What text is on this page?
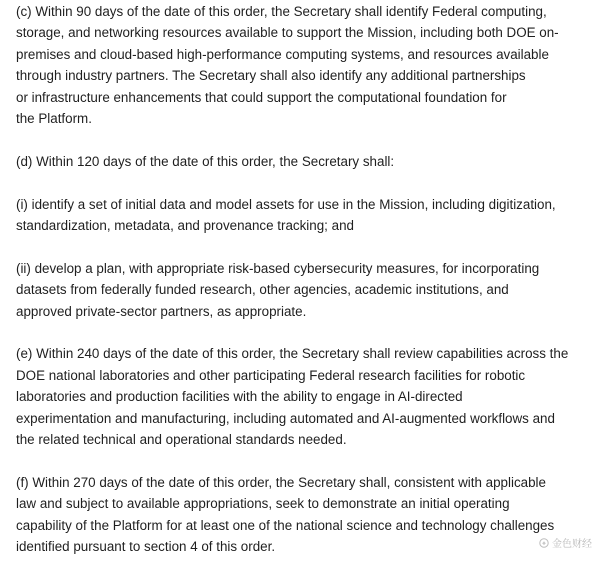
(c) Within 90 days of the date of this order, the Secretary shall identify Federal computing,
storage, and networking resources available to support the Mission, including both DOE on-
premises and cloud-based high-performance computing systems, and resources available
through industry partners. The Secretary shall also identify any additional partnerships
or infrastructure enhancements that could support the computational foundation for
the Platform.

(d) Within 120 days of the date of this order, the Secretary shall:

(i) identify a set of initial data and model assets for use in the Mission, including digitization,
standardization, metadata, and provenance tracking; and

(ii) develop a plan, with appropriate risk-based cybersecurity measures, for incorporating
datasets from federally funded research, other agencies, academic institutions, and
approved private-sector partners, as appropriate.

(e) Within 240 days of the date of this order, the Secretary shall review capabilities across the
DOE national laboratories and other participating Federal research facilities for robotic
laboratories and production facilities with the ability to engage in AI-directed
experimentation and manufacturing, including automated and AI-augmented workflows and
the related technical and operational standards needed.

(f) Within 270 days of the date of this order, the Secretary shall, consistent with applicable
law and subject to available appropriations, seek to demonstrate an initial operating
capability of the Platform for at least one of the national science and technology challenges
identified pursuant to section 4 of this order.	金色财经
